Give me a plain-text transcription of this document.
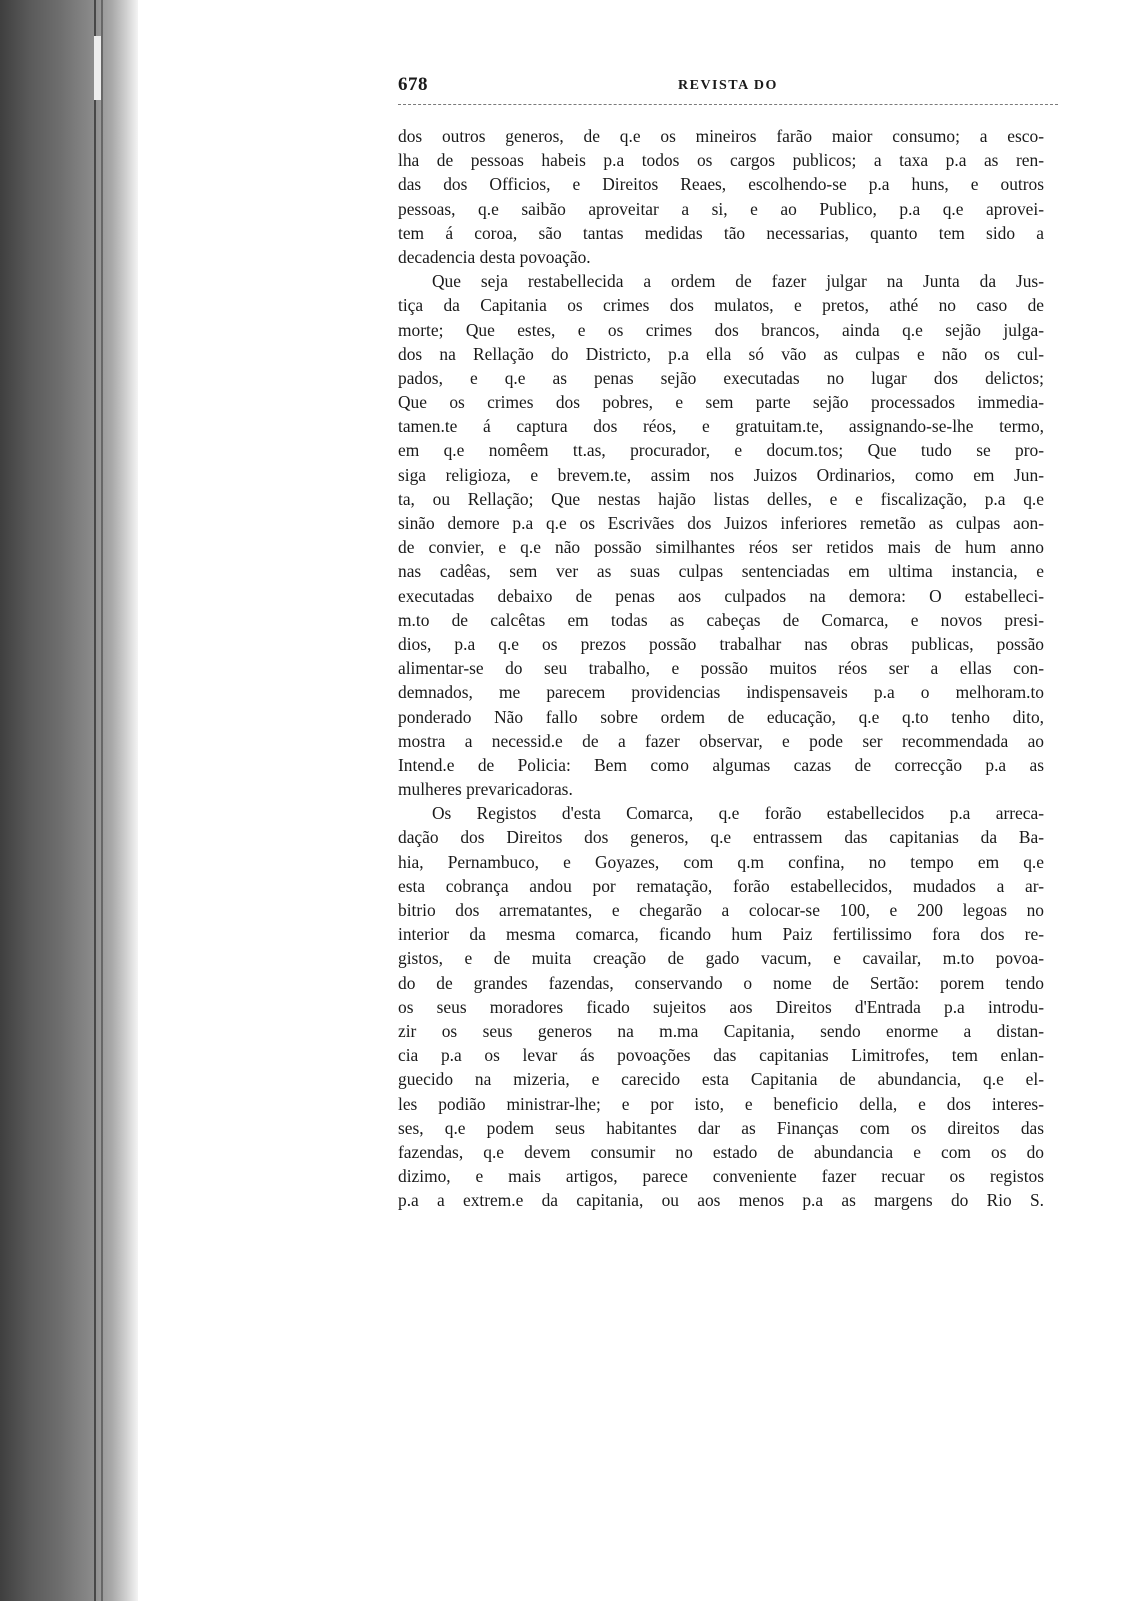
678	REVISTA DO
dos outros generos, de q.e os mineiros farão maior consumo; a esco-
lha de pessoas habeis p.a todos os cargos publicos; a taxa p.a as ren-
das dos Officios, e Direitos Reaes, escolhendo-se p.a huns, e outros
pessoas, q.e saibão aproveitar a si, e ao Publico, p.a q.e aprovei-
tem á coroa, são tantas medidas tão necessarias, quanto tem sido a
decadencia desta povoação.
Que seja restabellecida a ordem de fazer julgar na Junta da Jus-
tiça da Capitania os crimes dos mulatos, e pretos, athé no caso de
morte; Que estes, e os crimes dos brancos, ainda q.e sejão julga-
dos na Rellação do Districto, p.a ella só vão as culpas e não os cul-
pados, e q.e as penas sejão executadas no lugar dos delictos;
Que os crimes dos pobres, e sem parte sejão processados immedia-
tamen.te á captura dos réos, e gratuitam.te, assignando-se-lhe termo,
em q.e nomêem tt.as, procurador, e docum.tos; Que tudo se pro-
siga religioza, e brevem.te, assim nos Juizos Ordinarios, como em Jun-
ta, ou Rellação; Que nestas hajão listas delles, e e fiscalização, p.a q.e
sinão demore p.a q.e os Escrivães dos Juizos inferiores remetão as culpas aon-
de convier, e q.e não possão similhantes réos ser retidos mais de hum anno
nas cadêas, sem ver as suas culpas sentenciadas em ultima instancia, e
executadas debaixo de penas aos culpados na demora: O estabelleci-
m.to de calcêtas em todas as cabeças de Comarca, e novos presi-
dios, p.a q.e os prezos possão trabalhar nas obras publicas, possão
alimentar-se do seu trabalho, e possão muitos réos ser a ellas con-
demnados, me parecem providencias indispensaveis p.a o melhoram.to
ponderado Não fallo sobre ordem de educação, q.e q.to tenho dito,
mostra a necessid.e de a fazer observar, e pode ser recommendada ao
Intend.e de Policia: Bem como algumas cazas de correcção p.a as
mulheres prevaricadoras.
Os Registos d'esta Comarca, q.e forão estabellecidos p.a arreca-
dação dos Direitos dos generos, q.e entrassem das capitanias da Ba-
hia, Pernambuco, e Goyazes, com q.m confina, no tempo em q.e
esta cobrança andou por rematação, forão estabellecidos, mudados a ar-
bitrio dos arrematantes, e chegarão a colocar-se 100, e 200 legoas no
interior da mesma comarca, ficando hum Paiz fertilissimo fora dos re-
gistos, e de muita creação de gado vacum, e cavailar, m.to povoa-
do de grandes fazendas, conservando o nome de Sertão: porem tendo
os seus moradores ficado sujeitos aos Direitos d'Entrada p.a introdu-
zir os seus generos na m.ma Capitania, sendo enorme a distan-
cia p.a os levar ás povoações das capitanias Limitrofes, tem enlan-
guecido na mizeria, e carecido esta Capitania de abundancia, q.e el-
les podião ministrar-lhe; e por isto, e beneficio della, e dos interes-
ses, q.e podem seus habitantes dar as Finanças com os direitos das
fazendas, q.e devem consumir no estado de abundancia e com os do
dizimo, e mais artigos, parece conveniente fazer recuar os registos
p.a a extrem.e da capitania, ou aos menos p.a as margens do Rio S.
